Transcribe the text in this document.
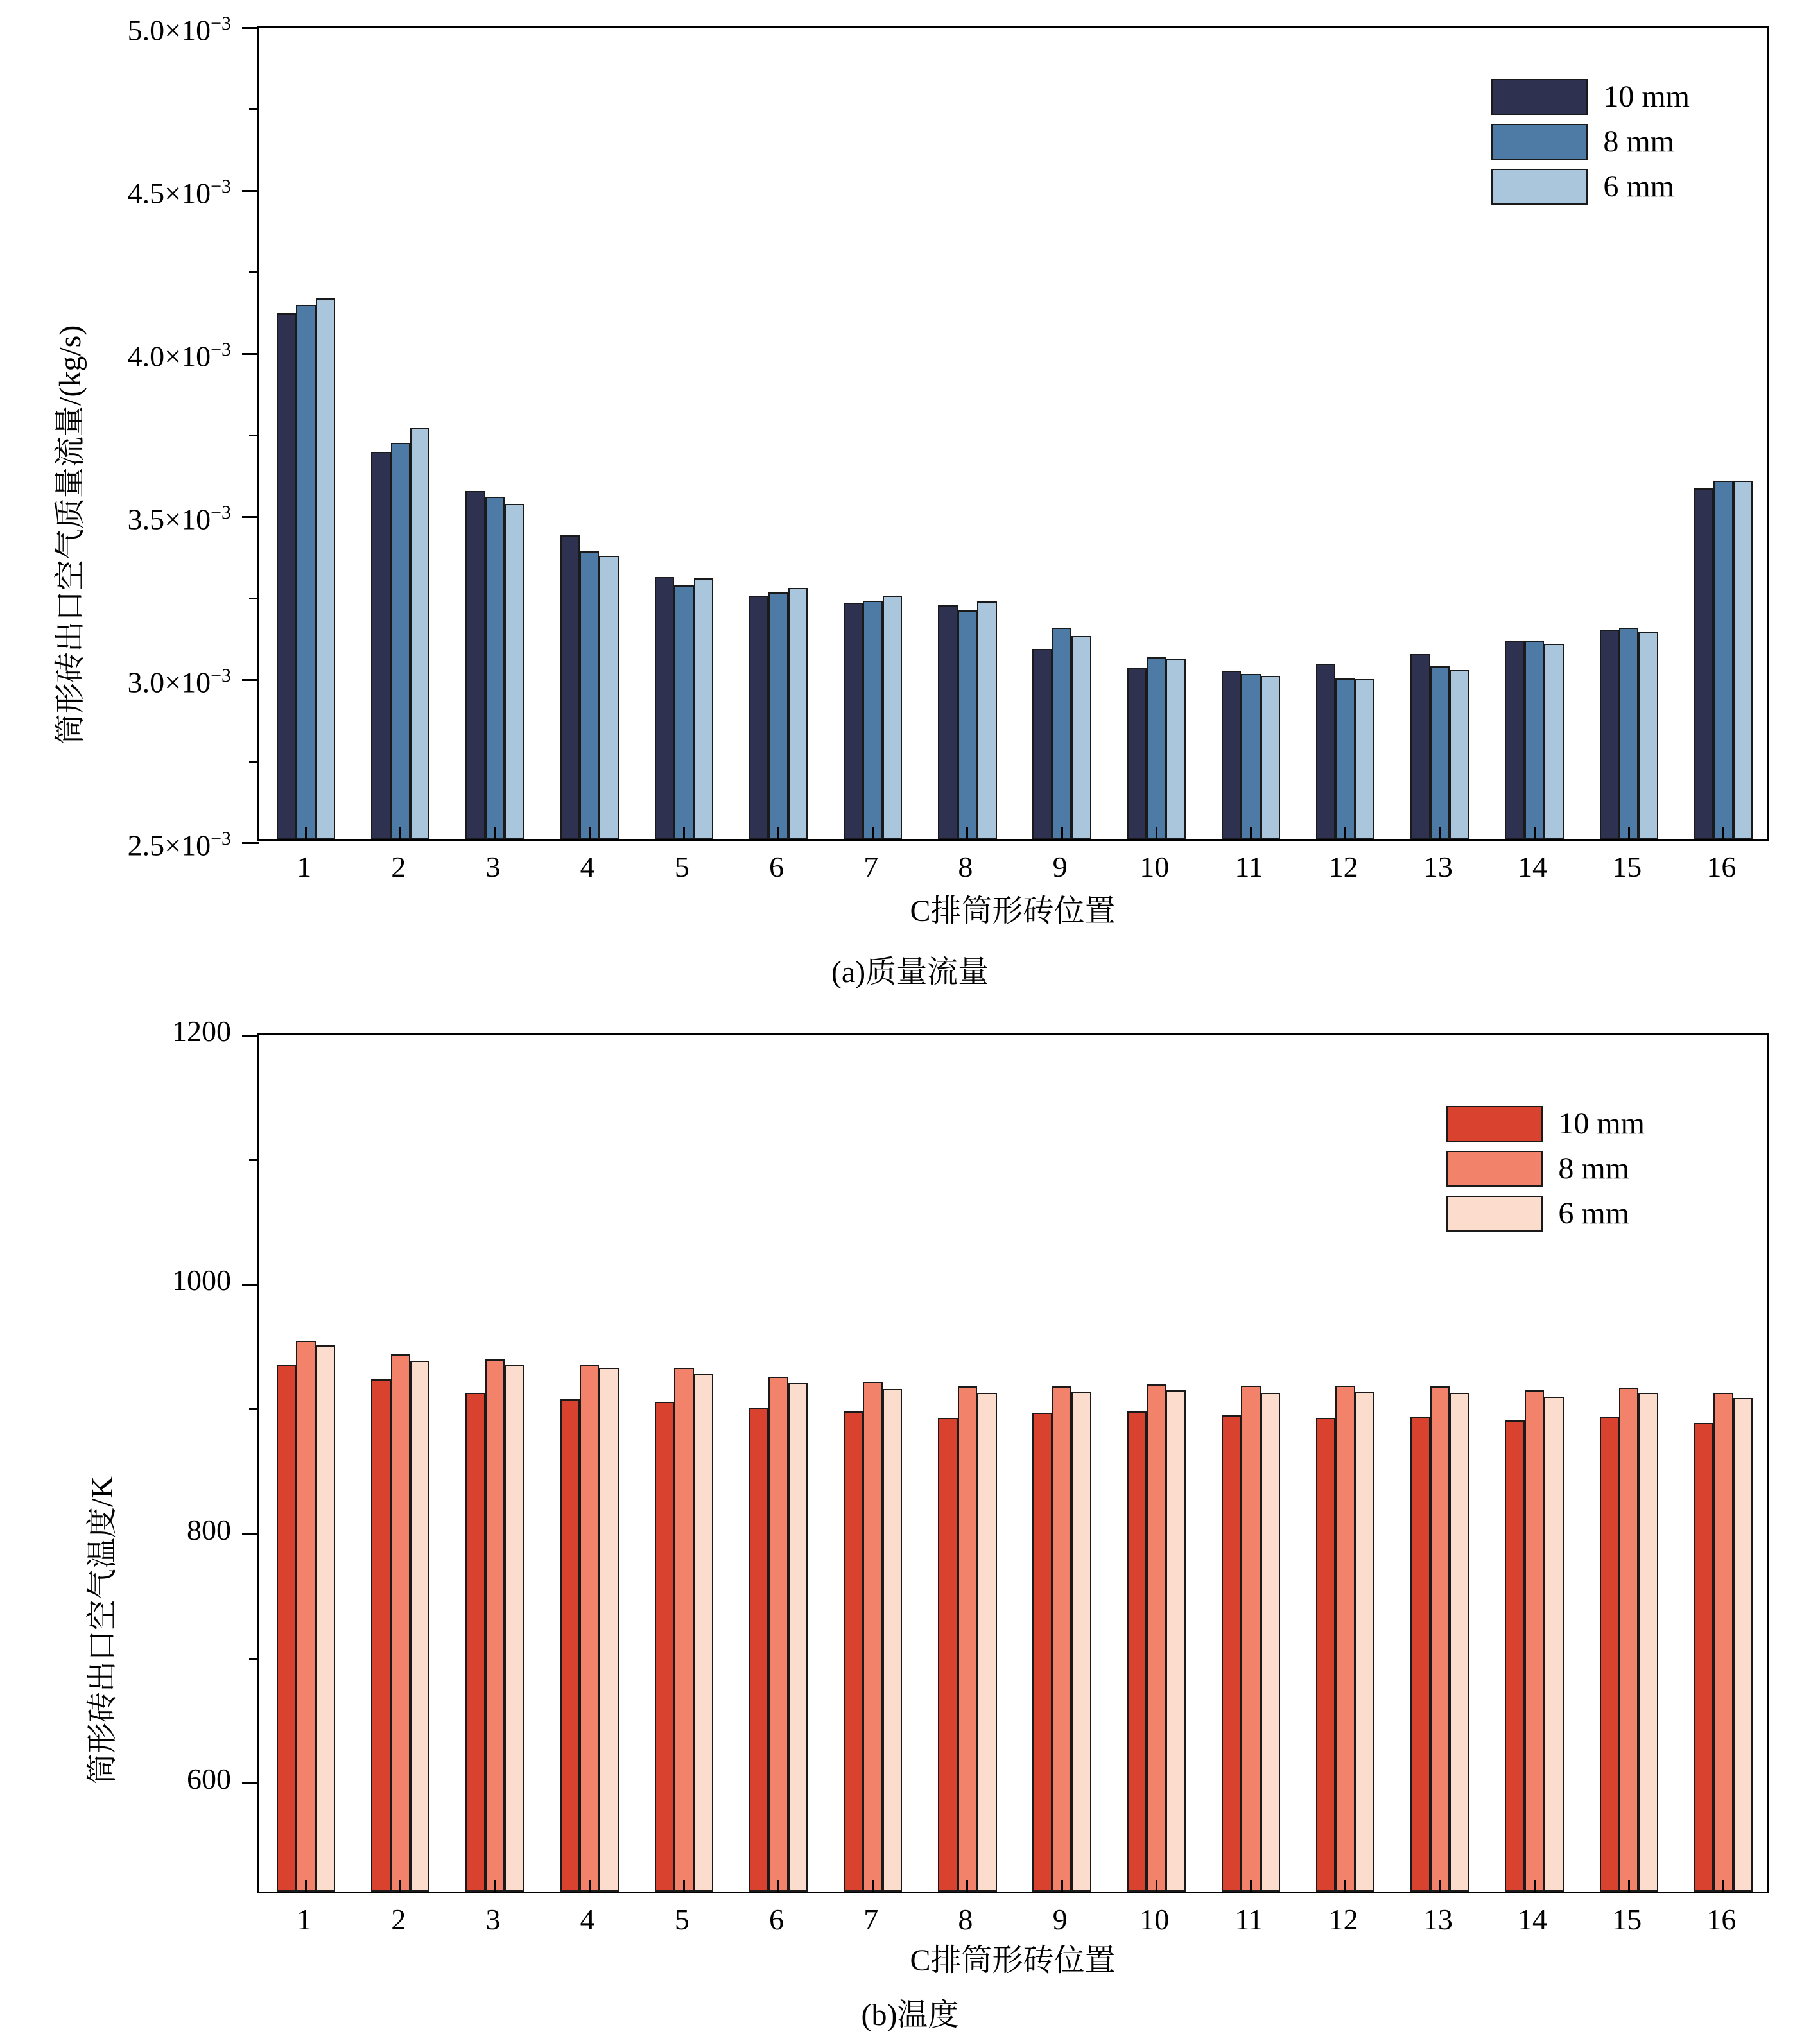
10 mm
8 mm
6 mm
$2.5\times 10^{-3}$
$3.0\times 10^{-3}$
$3.5\times 10^{-3}$
$4.0\times 10^{-3}$
$4.5\times 10^{-3}$
$5.0\times 10^{-3}$
1	2	3	4	5	6	7	8	9	10	11	12	13	14	15	16
C排筒形砖位置
筒形砖出口空气质量流量/(kg/s)
(a)质量流量
10 mm
8 mm
6 mm
600
800
1000
1200
1	2	3	4	5	6	7	8	9	10	11	12	13	14	15	16
C排筒形砖位置
筒形砖出口空气温度/K
(b)温度
